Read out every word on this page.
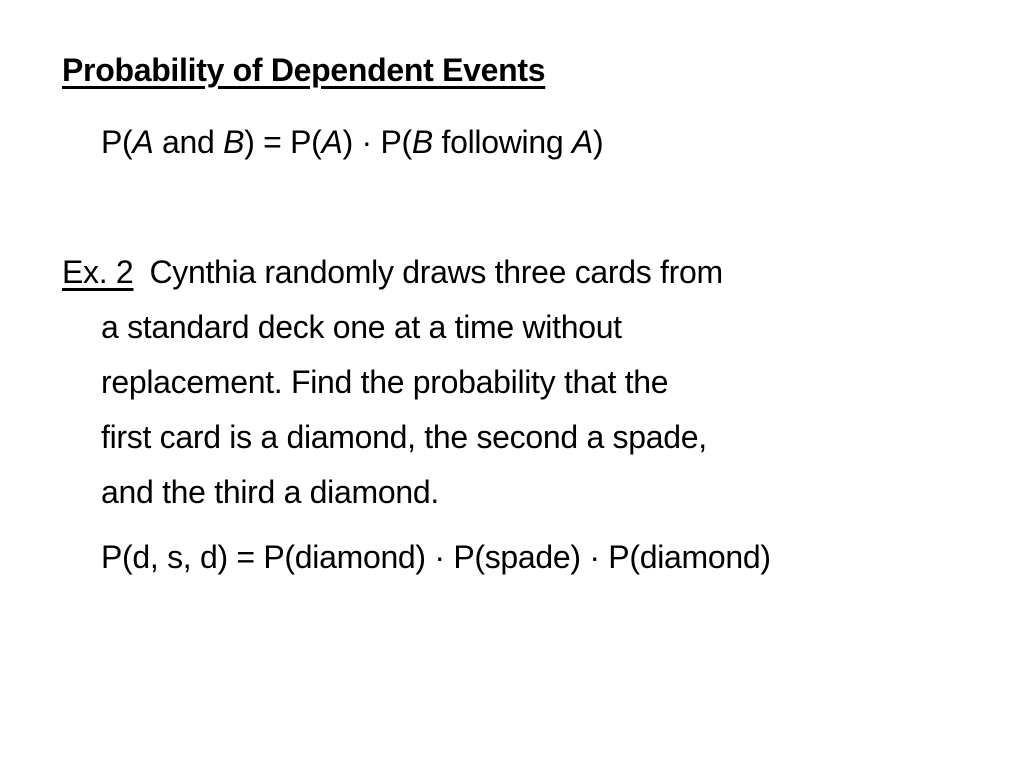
Probability of Dependent Events
P(A and B) = P(A) · P(B following A)
Ex. 2 Cynthia randomly draws three cards from
a standard deck one at a time without
replacement. Find the probability that the
first card is a diamond, the second a spade,
and the third a diamond.
P(d, s, d) = P(diamond) · P(spade) · P(diamond)
